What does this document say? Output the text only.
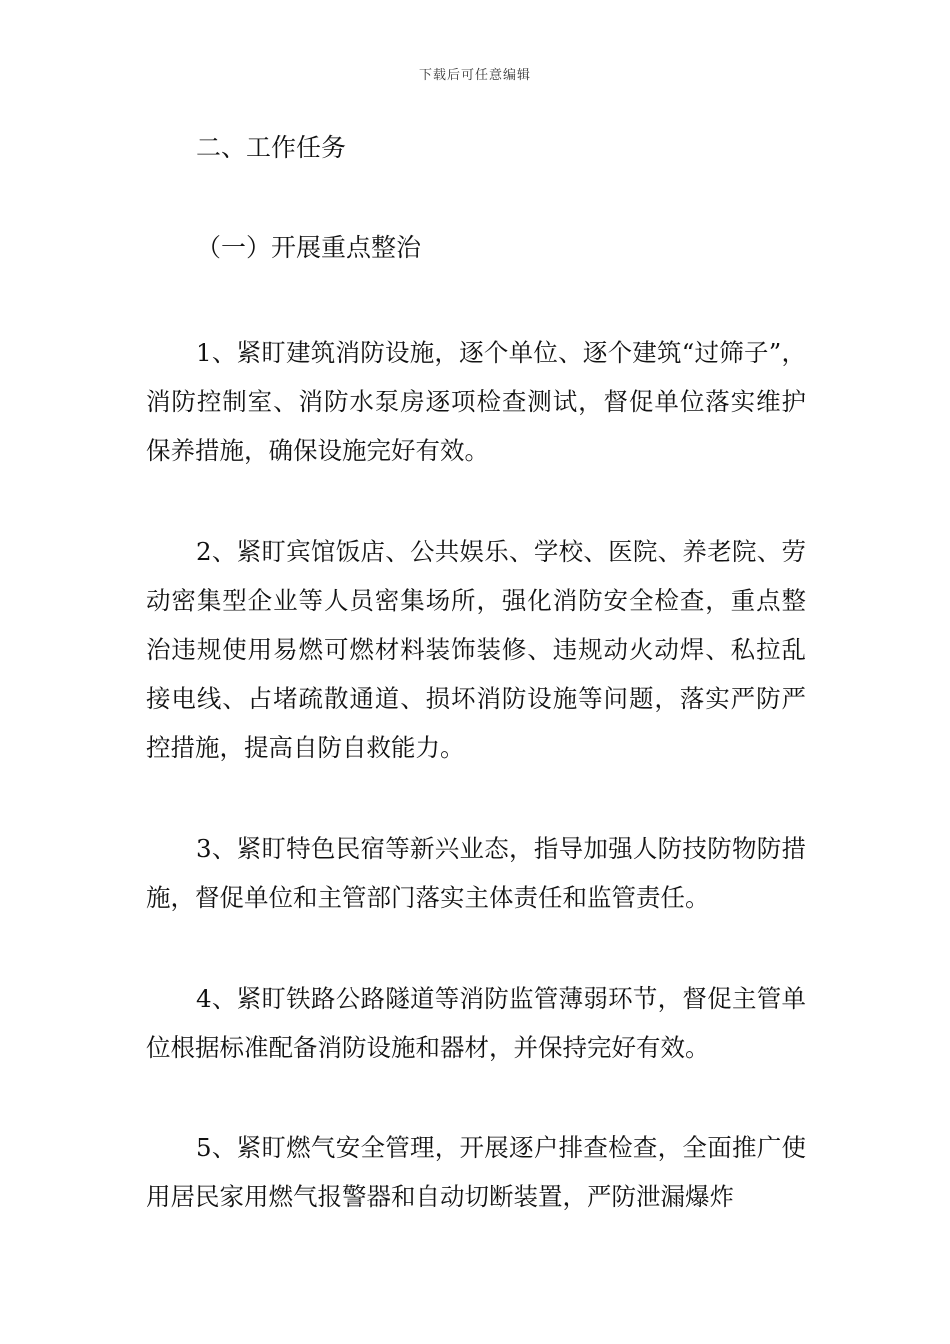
下载后可任意编辑
二、工作任务
（一）开展重点整治

1、紧盯建筑消防设施，逐个单位、逐个建筑“过筛子”，消防控制室、消防水泵房逐项检查测试，督促单位落实维护保养措施，确保设施完好有效。

2、紧盯宾馆饭店、公共娱乐、学校、医院、养老院、劳动密集型企业等人员密集场所，强化消防安全检查，重点整治违规使用易燃可燃材料装饰装修、违规动火动焊、私拉乱接电线、占堵疏散通道、损坏消防设施等问题，落实严防严控措施，提高自防自救能力。

3、紧盯特色民宿等新兴业态，指导加强人防技防物防措施，督促单位和主管部门落实主体责任和监管责任。

4、紧盯铁路公路隧道等消防监管薄弱环节，督促主管单位根据标准配备消防设施和器材，并保持完好有效。

5、紧盯燃气安全管理，开展逐户排查检查，全面推广使用居民家用燃气报警器和自动切断装置，严防泄漏爆炸
